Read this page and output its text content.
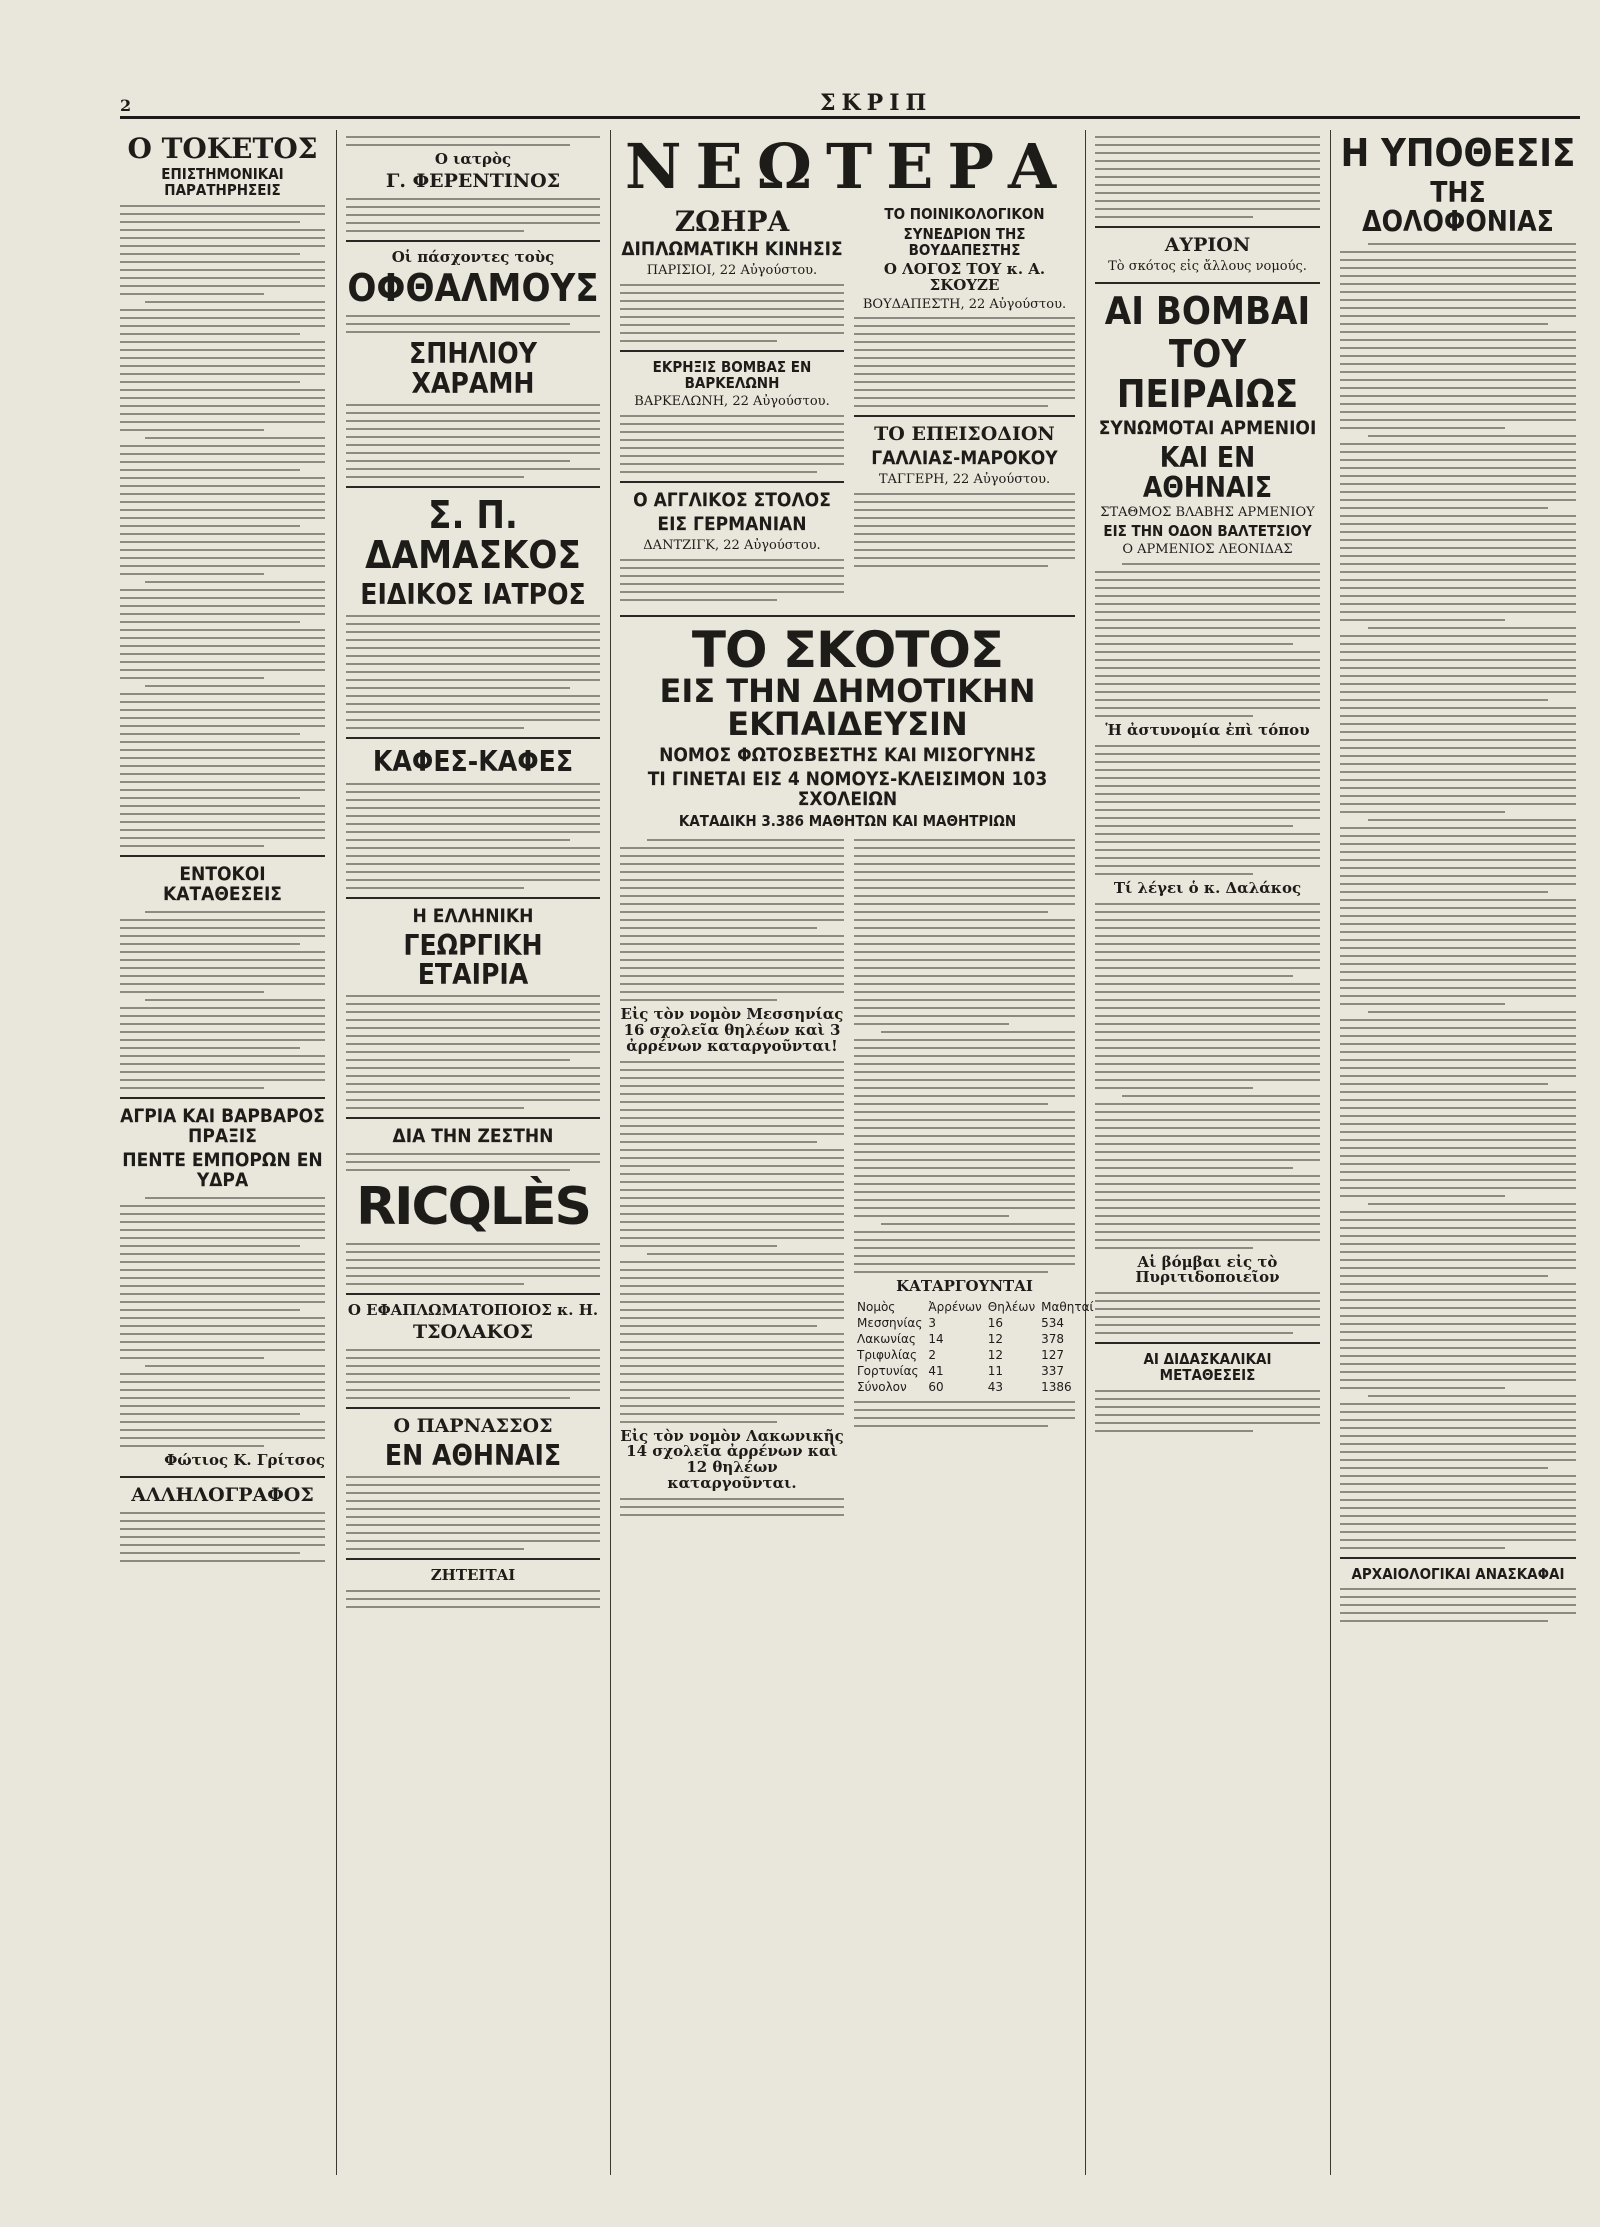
2	ΣΚΡΙΠ
Ο ΤΟΚΕΤΟΣ
ΕΠΙΣΤΗΜΟΝΙΚΑΙ ΠΑΡΑΤΗΡΗΣΕΙΣ
ΕΝΤΟΚΟΙ ΚΑΤΑΘΕΣΕΙΣ
ΑΓΡΙΑ ΚΑΙ ΒΑΡΒΑΡΟΣ ΠΡΑΞΙΣ
ΠΕΝΤΕ ΕΜΠΟΡΩΝ ΕΝ ΥΔΡΑ
Φώτιος Κ. Γρίτσος
ΑΛΛΗΛΟΓΡΑΦΟΣ
Ο ιατρὸς
Γ. ΦΕΡΕΝΤΙΝΟΣ
Οἱ πάσχοντες τοὺς
ΟΦΘΑΛΜΟΥΣ
ΣΠΗΛΙΟΥ ΧΑΡΑΜΗ
Σ. Π. ΔΑΜΑΣΚΟΣ
ΕΙΔΙΚΟΣ ΙΑΤΡΟΣ
ΚΑΦΕΣ-ΚΑΦΕΣ
Η ΕΛΛΗΝΙΚΗ
ΓΕΩΡΓΙΚΗ ΕΤΑΙΡΙΑ
ΔΙΑ ΤΗΝ ΖΕΣΤΗΝ
RICQLÈS
Ο ΕΦΑΠΛΩΜΑΤΟΠΟΙΟΣ κ. Η.
ΤΣΟΛΑΚΟΣ
Ο ΠΑΡΝΑΣΣΟΣ
ΕΝ ΑΘΗΝΑΙΣ
ΖΗΤΕΙΤΑΙ
ΝΕΩΤΕΡΑ
ΖΩΗΡΑ
ΔΙΠΛΩΜΑΤΙΚΗ ΚΙΝΗΣΙΣ
ΠΑΡΙΣΙΟΙ, 22 Αὐγούστου.
ΕΚΡΗΞΙΣ ΒΟΜΒΑΣ ΕΝ ΒΑΡΚΕΛΩΝΗ
ΒΑΡΚΕΛΩΝΗ, 22 Αὐγούστου.
Ο ΑΓΓΛΙΚΟΣ ΣΤΟΛΟΣ
ΕΙΣ ΓΕΡΜΑΝΙΑΝ
ΔΑΝΤΖΙΓΚ, 22 Αὐγούστου.
ΤΟ ΠΟΙΝΙΚΟΛΟΓΙΚΟΝ
ΣΥΝΕΔΡΙΟΝ ΤΗΣ ΒΟΥΔΑΠΕΣΤΗΣ
Ο ΛΟΓΟΣ ΤΟΥ κ. Α. ΣΚΟΥΖΕ
ΒΟΥΔΑΠΕΣΤΗ, 22 Αὐγούστου.
ΤΟ ΕΠΕΙΣΟΔΙΟΝ
ΓΑΛΛΙΑΣ-ΜΑΡΟΚΟΥ
ΤΑΓΓΕΡΗ, 22 Αὐγούστου.
ΤΟ ΣΚΟΤΟΣ
ΕΙΣ ΤΗΝ ΔΗΜΟΤΙΚΗΝ ΕΚΠΑΙΔΕΥΣΙΝ
ΝΟΜΟΣ ΦΩΤΟΣΒΕΣΤΗΣ ΚΑΙ ΜΙΣΟΓΥΝΗΣ
ΤΙ ΓΙΝΕΤΑΙ ΕΙΣ 4 ΝΟΜΟΥΣ-ΚΛΕΙΣΙΜΟΝ 103 ΣΧΟΛΕΙΩΝ
ΚΑΤΑΔΙΚΗ 3.386 ΜΑΘΗΤΩΝ ΚΑΙ ΜΑΘΗΤΡΙΩΝ
Εἰς τὸν νομὸν Μεσσηνίας 16 σχολεῖα θηλέων καὶ 3 ἀρρένων καταργοῦνται!
Εἰς τὸν νομὸν Λακωνικῆς 14 σχολεῖα ἀρρένων καὶ 12 θηλέων καταργοῦνται.
ΚΑΤΑΡΓΟΥΝΤΑΙ
Νομὸς	Ἀρρένων	Θηλέων	Μαθηταί
Μεσσηνίας	3	16	534
Λακωνίας	14	12	378
Τριφυλίας	2	12	127
Γορτυνίας	41	11	337
Σύνολον	60	43	1386
ΑΥΡΙΟΝ
Τὸ σκότος εἰς ἄλλους νομούς.
ΑΙ ΒΟΜΒΑΙ
ΤΟΥ ΠΕΙΡΑΙΩΣ
ΣΥΝΩΜΟΤΑΙ ΑΡΜΕΝΙΟΙ
ΚΑΙ ΕΝ ΑΘΗΝΑΙΣ
ΣΤΑΘΜΟΣ ΒΛΑΒΗΣ ΑΡΜΕΝΙΟΥ
ΕΙΣ ΤΗΝ ΟΔΟΝ ΒΑΛΤΕΤΣΙΟΥ
Ο ΑΡΜΕΝΙΟΣ ΛΕΟΝΙΔΑΣ
Ἡ ἀστυνομία ἐπὶ τόπου
Τί λέγει ὁ κ. Δαλάκος
Αἱ βόμβαι εἰς τὸ Πυριτιδοποιεῖον
ΑΙ ΔΙΔΑΣΚΑΛΙΚΑΙ ΜΕΤΑΘΕΣΕΙΣ
Η ΥΠΟΘΕΣΙΣ
ΤΗΣ ΔΟΛΟΦΟΝΙΑΣ
ΑΡΧΑΙΟΛΟΓΙΚΑΙ ΑΝΑΣΚΑΦΑΙ
